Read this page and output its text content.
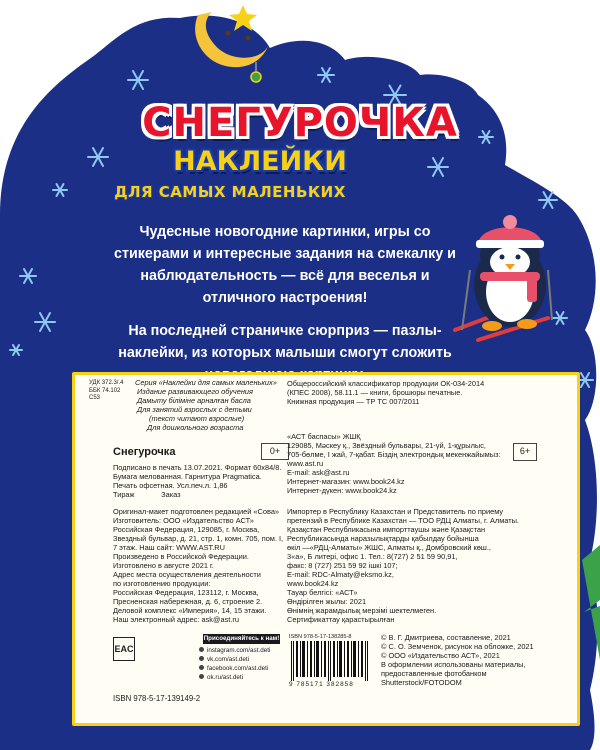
СНЕГУРОЧКА

НАКЛЕЙКИ

ДЛЯ САМЫХ МАЛЕНЬКИХ

Чудесные новогодние картинки, игры со стикерами и интересные задания на смекалку и наблюдательность — всё для веселья и отличного настроения!

На последней страничке сюрприз — пазлы-наклейки, из которых малыши смогут сложить

УДК 372.3/.4

ББК 74.102

С53

Серия «Наклейки для самых маленьких»

Издание развивающего обучения

Дамыту біліміне арналған басла

Для занятий взрослых с детьми

(текст читают взрослые)

Для дошкольного возраста

Снегурочка	0+

Подписано в печать 13.07.2021. Формат 60x84/8.

Бумага мелованная. Гарнитура Pragmatica.

Печать офсетная. Усл.печ.л. 1,86

Тираж             Заказ

Оригинал-макет подготовлен редакцией «Сова»

Изготовитель: ООО «Издательство АСТ»

Российская Федерация, 129085, г. Москва,

Звездный бульвар, д. 21, стр. 1, комн. 705, пом. I,

7 этаж. Наш сайт: WWW.AST.RU

Произведено в Российской Федерации.

Изготовлено в августе 2021 г.

Адрес места осуществления деятельности

по изготовлению продукции:

Российская Федерация, 123112, г. Москва,

Пресненская набережная, д. 6, строение 2.

Деловой комплекс «Империя», 14, 15 этажи.

Наш электронный адрес: ask@ast.ru

Общероссийский классификатор продукции ОК-034-2014

(КПЕС 2008), 58.11.1 — книги, брошюры печатные.

Книжная продукция — ТР ТС 007/2011

«АСТ баспасы» ЖШҚ

129085, Мәскеу қ., Звёздный бульвары, 21-үй, 1-құрылыс,

705-бөлме, I жай, 7-қабат. Біздің электрондық мекенжайымыз:

www.ast.ru

E-mail: ask@ast.ru

Интернет-магазин: www.book24.kz

Интернет-дүкен: www.book24.kz

6+

Импортер в Республику Казахстан и Представитель по приему

претензий в Республике Казахстан — ТОО РДЦ Алматы, г. Алматы.

Қазақстан Республикасына импорттаушы және Қазақстан

Республикасында наразылықтарды қабылдау бойынша

өкіл —«РДЦ-Алматы» ЖШС, Алматы қ., Домбровский көш.,

3«а», Б литері, офис 1. Тел.: 8(727) 2 51 59 90,91,

факс: 8 (727) 251 59 92 ішкі 107;

E-mail: RDC-Almaty@eksmo.kz,

www.book24.kz

Тауар белгісі: «АСТ»

Өндірілген жылы: 2021

Өнімнің жарамдылық мерзімі шектелмеген.

Сертификаттау қарастырылған

EAC

ISBN 978-5-17-139149-2

Присоединяйтесь к нам!

instagram.com/ast.deti

vk.com/ast.deti

facebook.com/ast.deti

ok.ru/ast.deti

ISBN 978-5-17-138285-8

9 785171 382858

© В. Г. Дмитриева, составление, 2021

© С. О. Земченок, рисунок на обложке, 2021

© ООО «Издательство АСТ», 2021

В оформлении использованы материалы,

предоставленные фотобанком

Shutterstock/FOTODOM
